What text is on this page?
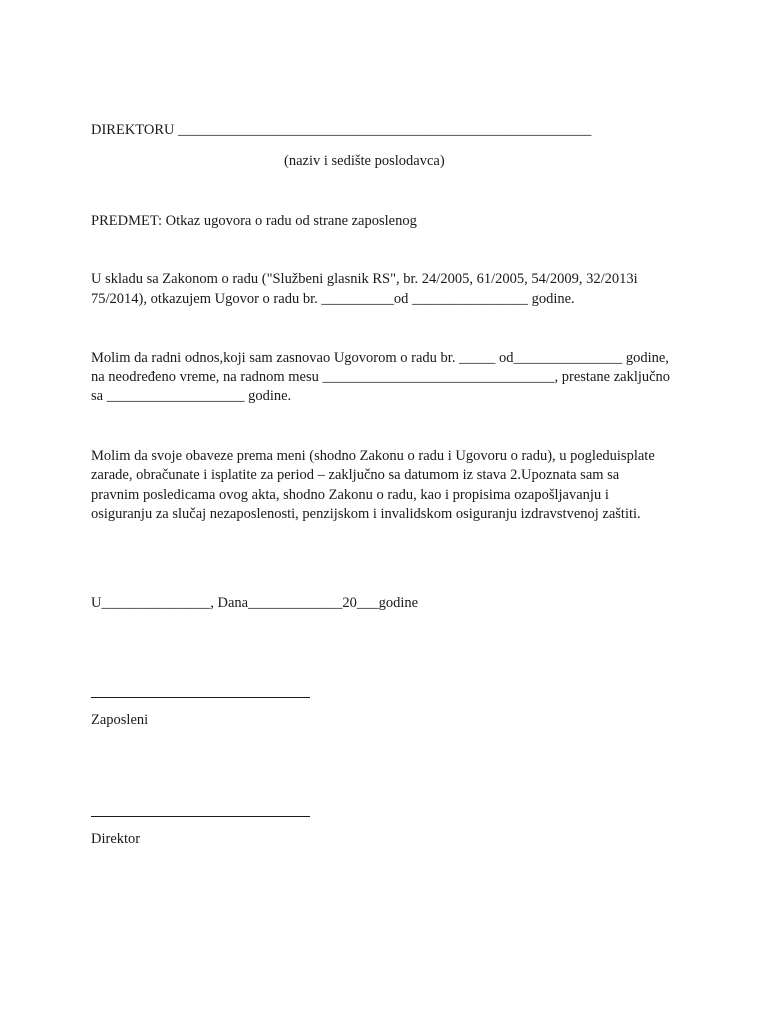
DIREKTORU _________________________________________________________
(naziv i sedište poslodavca)
PREDMET: Otkaz ugovora o radu od strane zaposlenog
U skladu sa Zakonom o radu ("Službeni glasnik RS", br. 24/2005, 61/2005, 54/2009, 32/2013i
75/2014), otkazujem Ugovor o radu br. __________od ________________ godine.
Molim da radni odnos,koji sam zasnovao Ugovorom o radu br. _____ od_______________ godine,
na neodređeno vreme, na radnom mesu ________________________________, prestane zaključno
sa ___________________ godine.
Molim da svoje obaveze prema meni (shodno Zakonu o radu i Ugovoru o radu), u pogleduisplate
zarade, obračunate i isplatite za period – zaključno sa datumom iz stava 2.Upoznata sam sa
pravnim posledicama ovog akta, shodno Zakonu o radu, kao i propisima ozapošljavanju i
osiguranju za slučaj nezaposlenosti, penzijskom i invalidskom osiguranju izdravstvenoj zaštiti.
U_______________, Dana_____________20___godine
Zaposleni
Direktor
